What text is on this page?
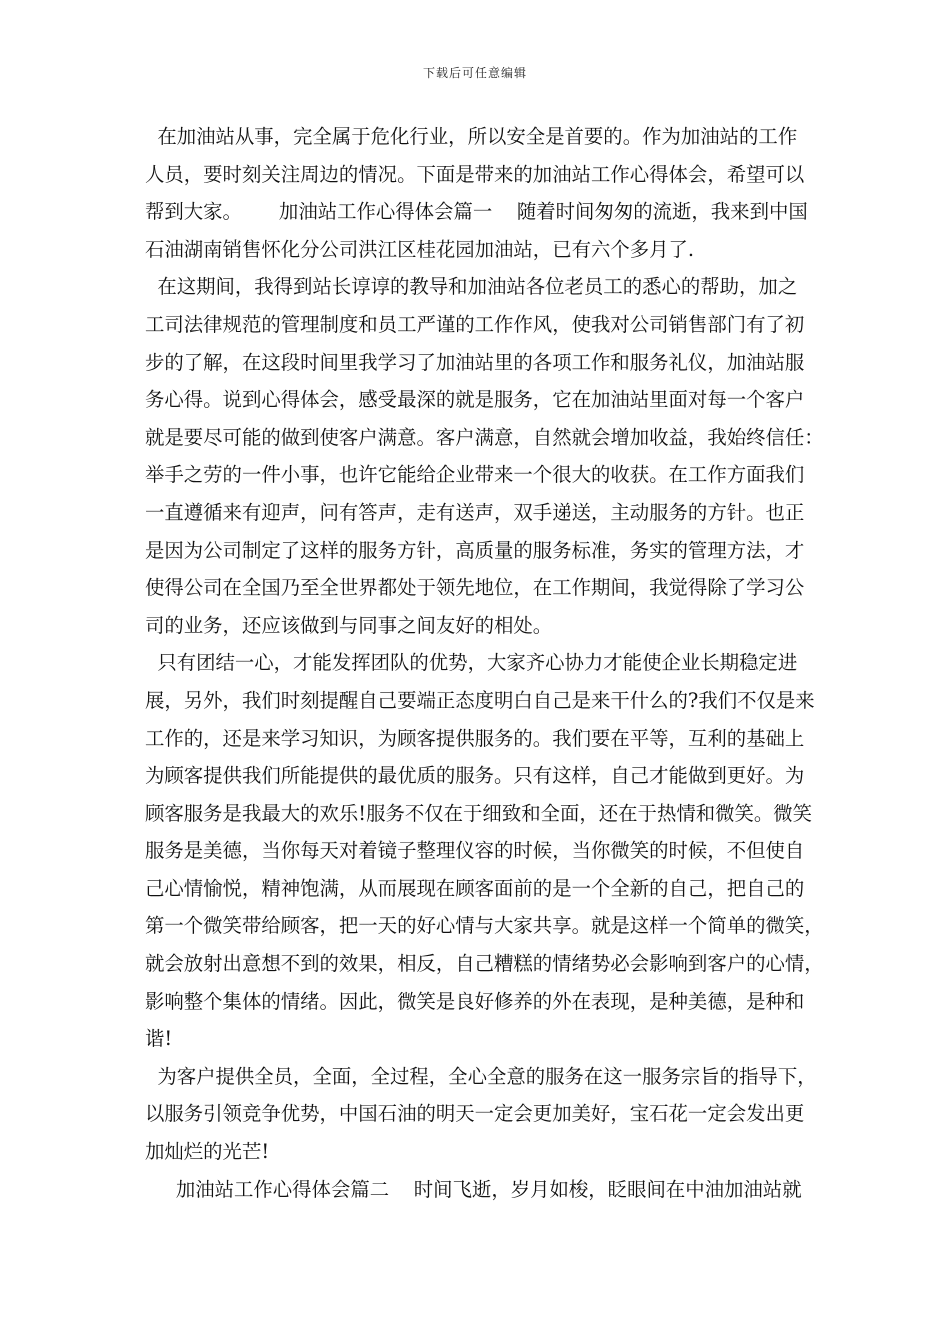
下载后可任意编辑
在加油站从事，完全属于危化行业，所以安全是首要的。作为加油站的工作
人员，要时刻关注周边的情况。下面是带来的加油站工作心得体会，希望可以
帮到大家。      加油站工作心得体会篇一    随着时间匆匆的流逝，我来到中国
石油湖南销售怀化分公司洪江区桂花园加油站，已有六个多月了.
在这期间，我得到站长谆谆的教导和加油站各位老员工的悉心的帮助，加之
工司法律规范的管理制度和员工严谨的工作作风，使我对公司销售部门有了初
步的了解，在这段时间里我学习了加油站里的各项工作和服务礼仪，加油站服
务心得。说到心得体会，感受最深的就是服务，它在加油站里面对每一个客户
就是要尽可能的做到使客户满意。客户满意，自然就会增加收益，我始终信任：
举手之劳的一件小事，也许它能给企业带来一个很大的收获。在工作方面我们
一直遵循来有迎声，问有答声，走有送声，双手递送，主动服务的方针。也正
是因为公司制定了这样的服务方针，高质量的服务标准，务实的管理方法，才
使得公司在全国乃至全世界都处于领先地位，在工作期间，我觉得除了学习公
司的业务，还应该做到与同事之间友好的相处。
只有团结一心，才能发挥团队的优势，大家齐心协力才能使企业长期稳定进
展，另外，我们时刻提醒自己要端正态度明白自己是来干什么的?我们不仅是来
工作的，还是来学习知识，为顾客提供服务的。我们要在平等，互利的基础上
为顾客提供我们所能提供的最优质的服务。只有这样，自己才能做到更好。为
顾客服务是我最大的欢乐!服务不仅在于细致和全面，还在于热情和微笑。微笑
服务是美德，当你每天对着镜子整理仪容的时候，当你微笑的时候，不但使自
己心情愉悦，精神饱满，从而展现在顾客面前的是一个全新的自己，把自己的
第一个微笑带给顾客，把一天的好心情与大家共享。就是这样一个简单的微笑，
就会放射出意想不到的效果，相反，自己糟糕的情绪势必会影响到客户的心情，
影响整个集体的情绪。因此，微笑是良好修养的外在表现，是种美德，是种和
谐!
为客户提供全员，全面，全过程，全心全意的服务在这一服务宗旨的指导下，
以服务引领竞争优势，中国石油的明天一定会更加美好，宝石花一定会发出更
加灿烂的光芒!
加油站工作心得体会篇二    时间飞逝，岁月如梭，眨眼间在中油加油站就
